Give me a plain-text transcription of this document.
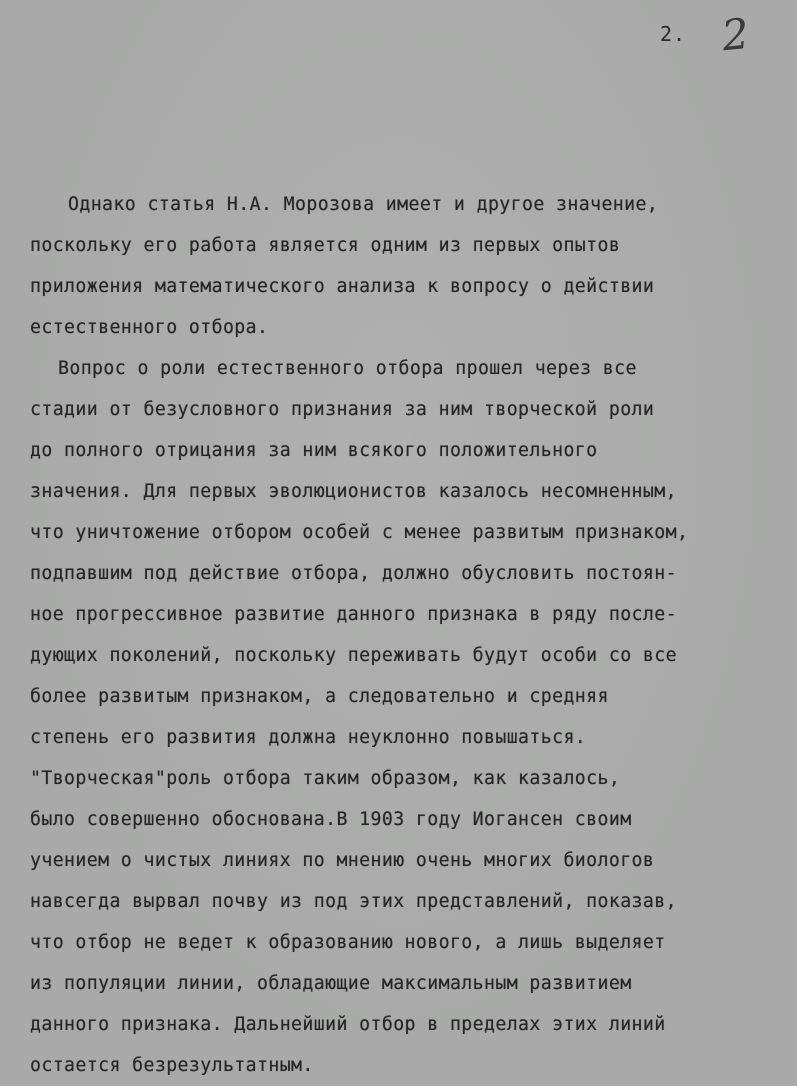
2. 2
Однако статья Н.А. Морозова имеет и другое значение,
поскольку его работа является одним из первых опытов
приложения математического анализа к вопросу о действии
естественного отбора.
Вопрос о роли естественного отбора прошел через все
стадии от безусловного признания за ним творческой роли
до полного отрицания за ним всякого положительного
значения. Для первых эволюционистов казалось несомненным,
что уничтожение отбором особей с менее развитым признаком,
подпавшим под действие отбора, должно обусловить постоян-
ное прогрессивное развитие данного признака в ряду после-
дующих поколений, поскольку переживать будут особи со все
более развитым признаком, а следовательно и средняя
степень его развития должна неуклонно повышаться.
"Творческая"роль отбора таким образом, как казалось,
было совершенно обоснована.В 1903 году Иогансен своим
учением о чистых линиях по мнению очень многих биологов
навсегда вырвал почву из под этих представлений, показав,
что отбор не ведет к образованию нового, а лишь выделяет
из популяции линии, обладающие максимальным развитием
данного признака. Дальнейший отбор в пределах этих линий
остается безрезультатным.
